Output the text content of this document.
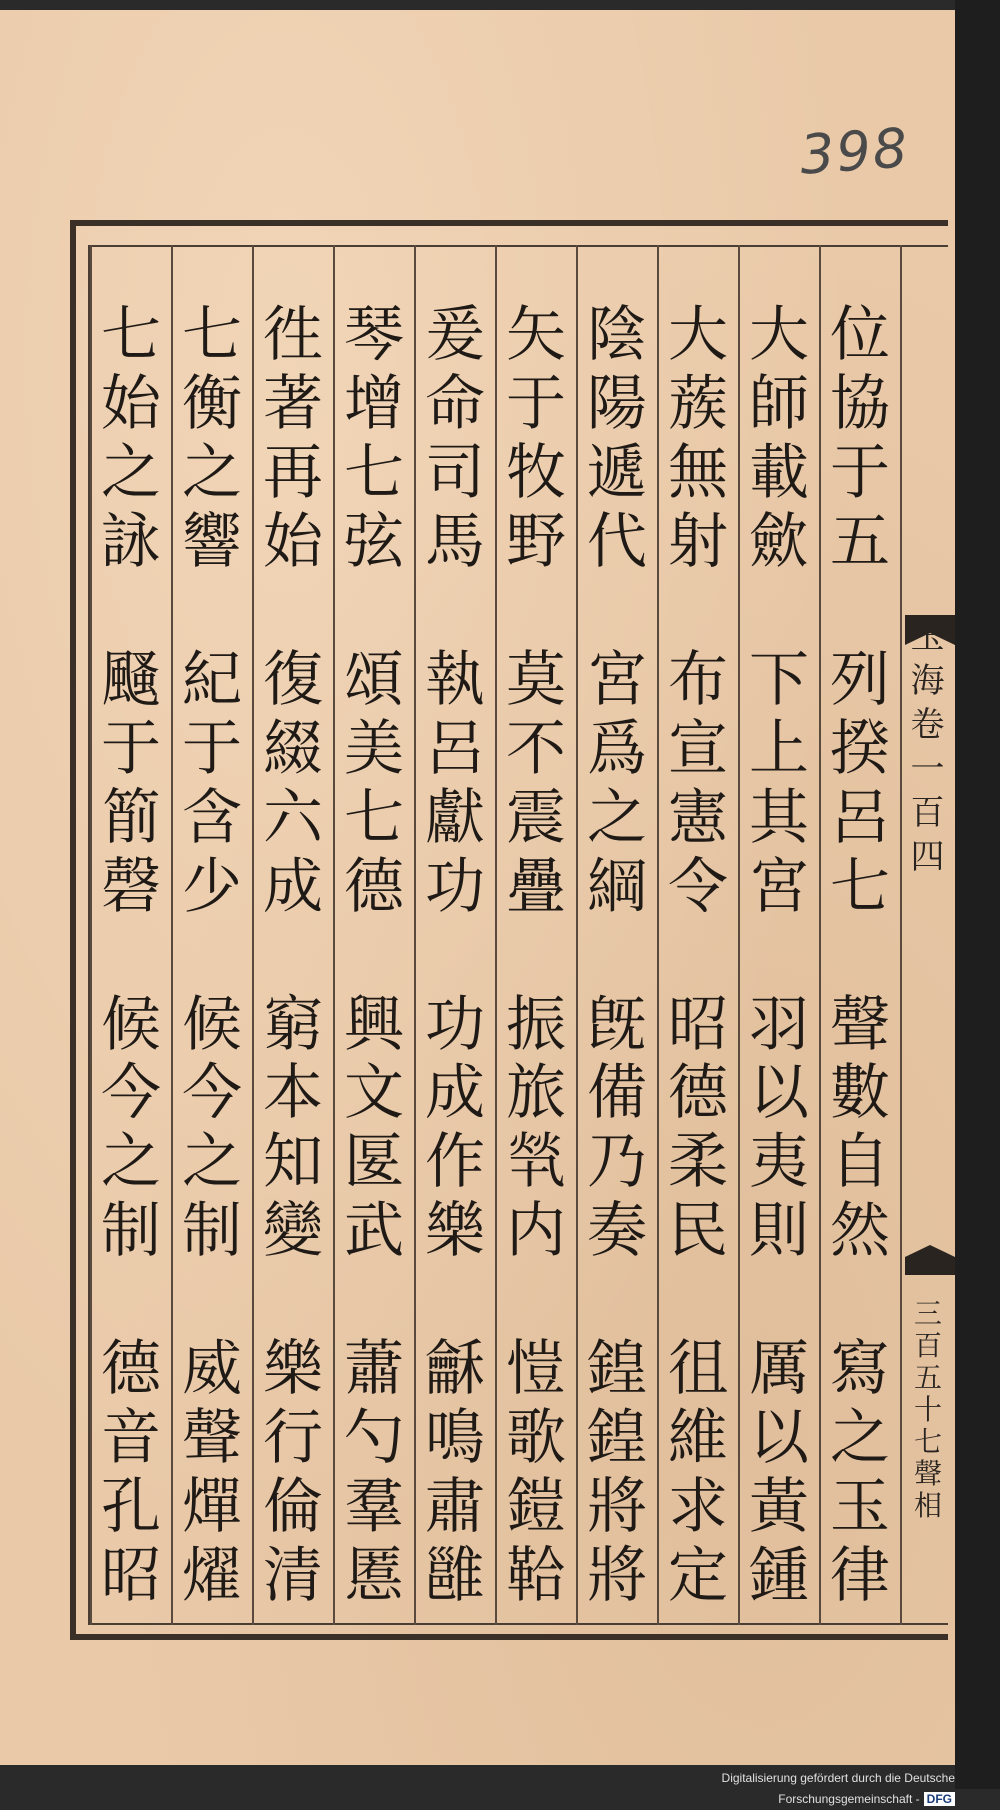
398
位
協
于
五
列
揆
呂
七
聲
數
自
然
寫
之
玉
律
大
師
載
歛
下
上
其
宮
羽
以
夷
則
厲
以
黃
鍾
大
蔟
無
射
布
宣
憲
令
昭
德
柔
民
徂
維
求
定
陰
陽
遞
代
宮
爲
之
綱
旣
備
乃
奏
鍠
鍠
將
將
矢
于
牧
野
莫
不
震
疊
振
旅
㷀
内
愷
歌
鎧
鞈
爰
命
司
馬
執
呂
獻
功
功
成
作
樂
龢
鳴
肅
雝
琴
增
七
弦
頌
美
七
德
興
文
匽
武
蕭
勺
羣
慝
徃
著
再
始
復
綴
六
成
窮
本
知
變
樂
行
倫
清
七
衡
之
響
紀
于
含
少
候
今
之
制
威
聲
燀
燿
七
始
之
詠
颾
于
箾
磬
候
今
之
制
德
音
孔
昭
玉
海
卷
一
百
四
三
百
五
十
七
聲
相
Digitalisierung gefördert durch die Deutsche Forschungsgemeinschaft - DFG
